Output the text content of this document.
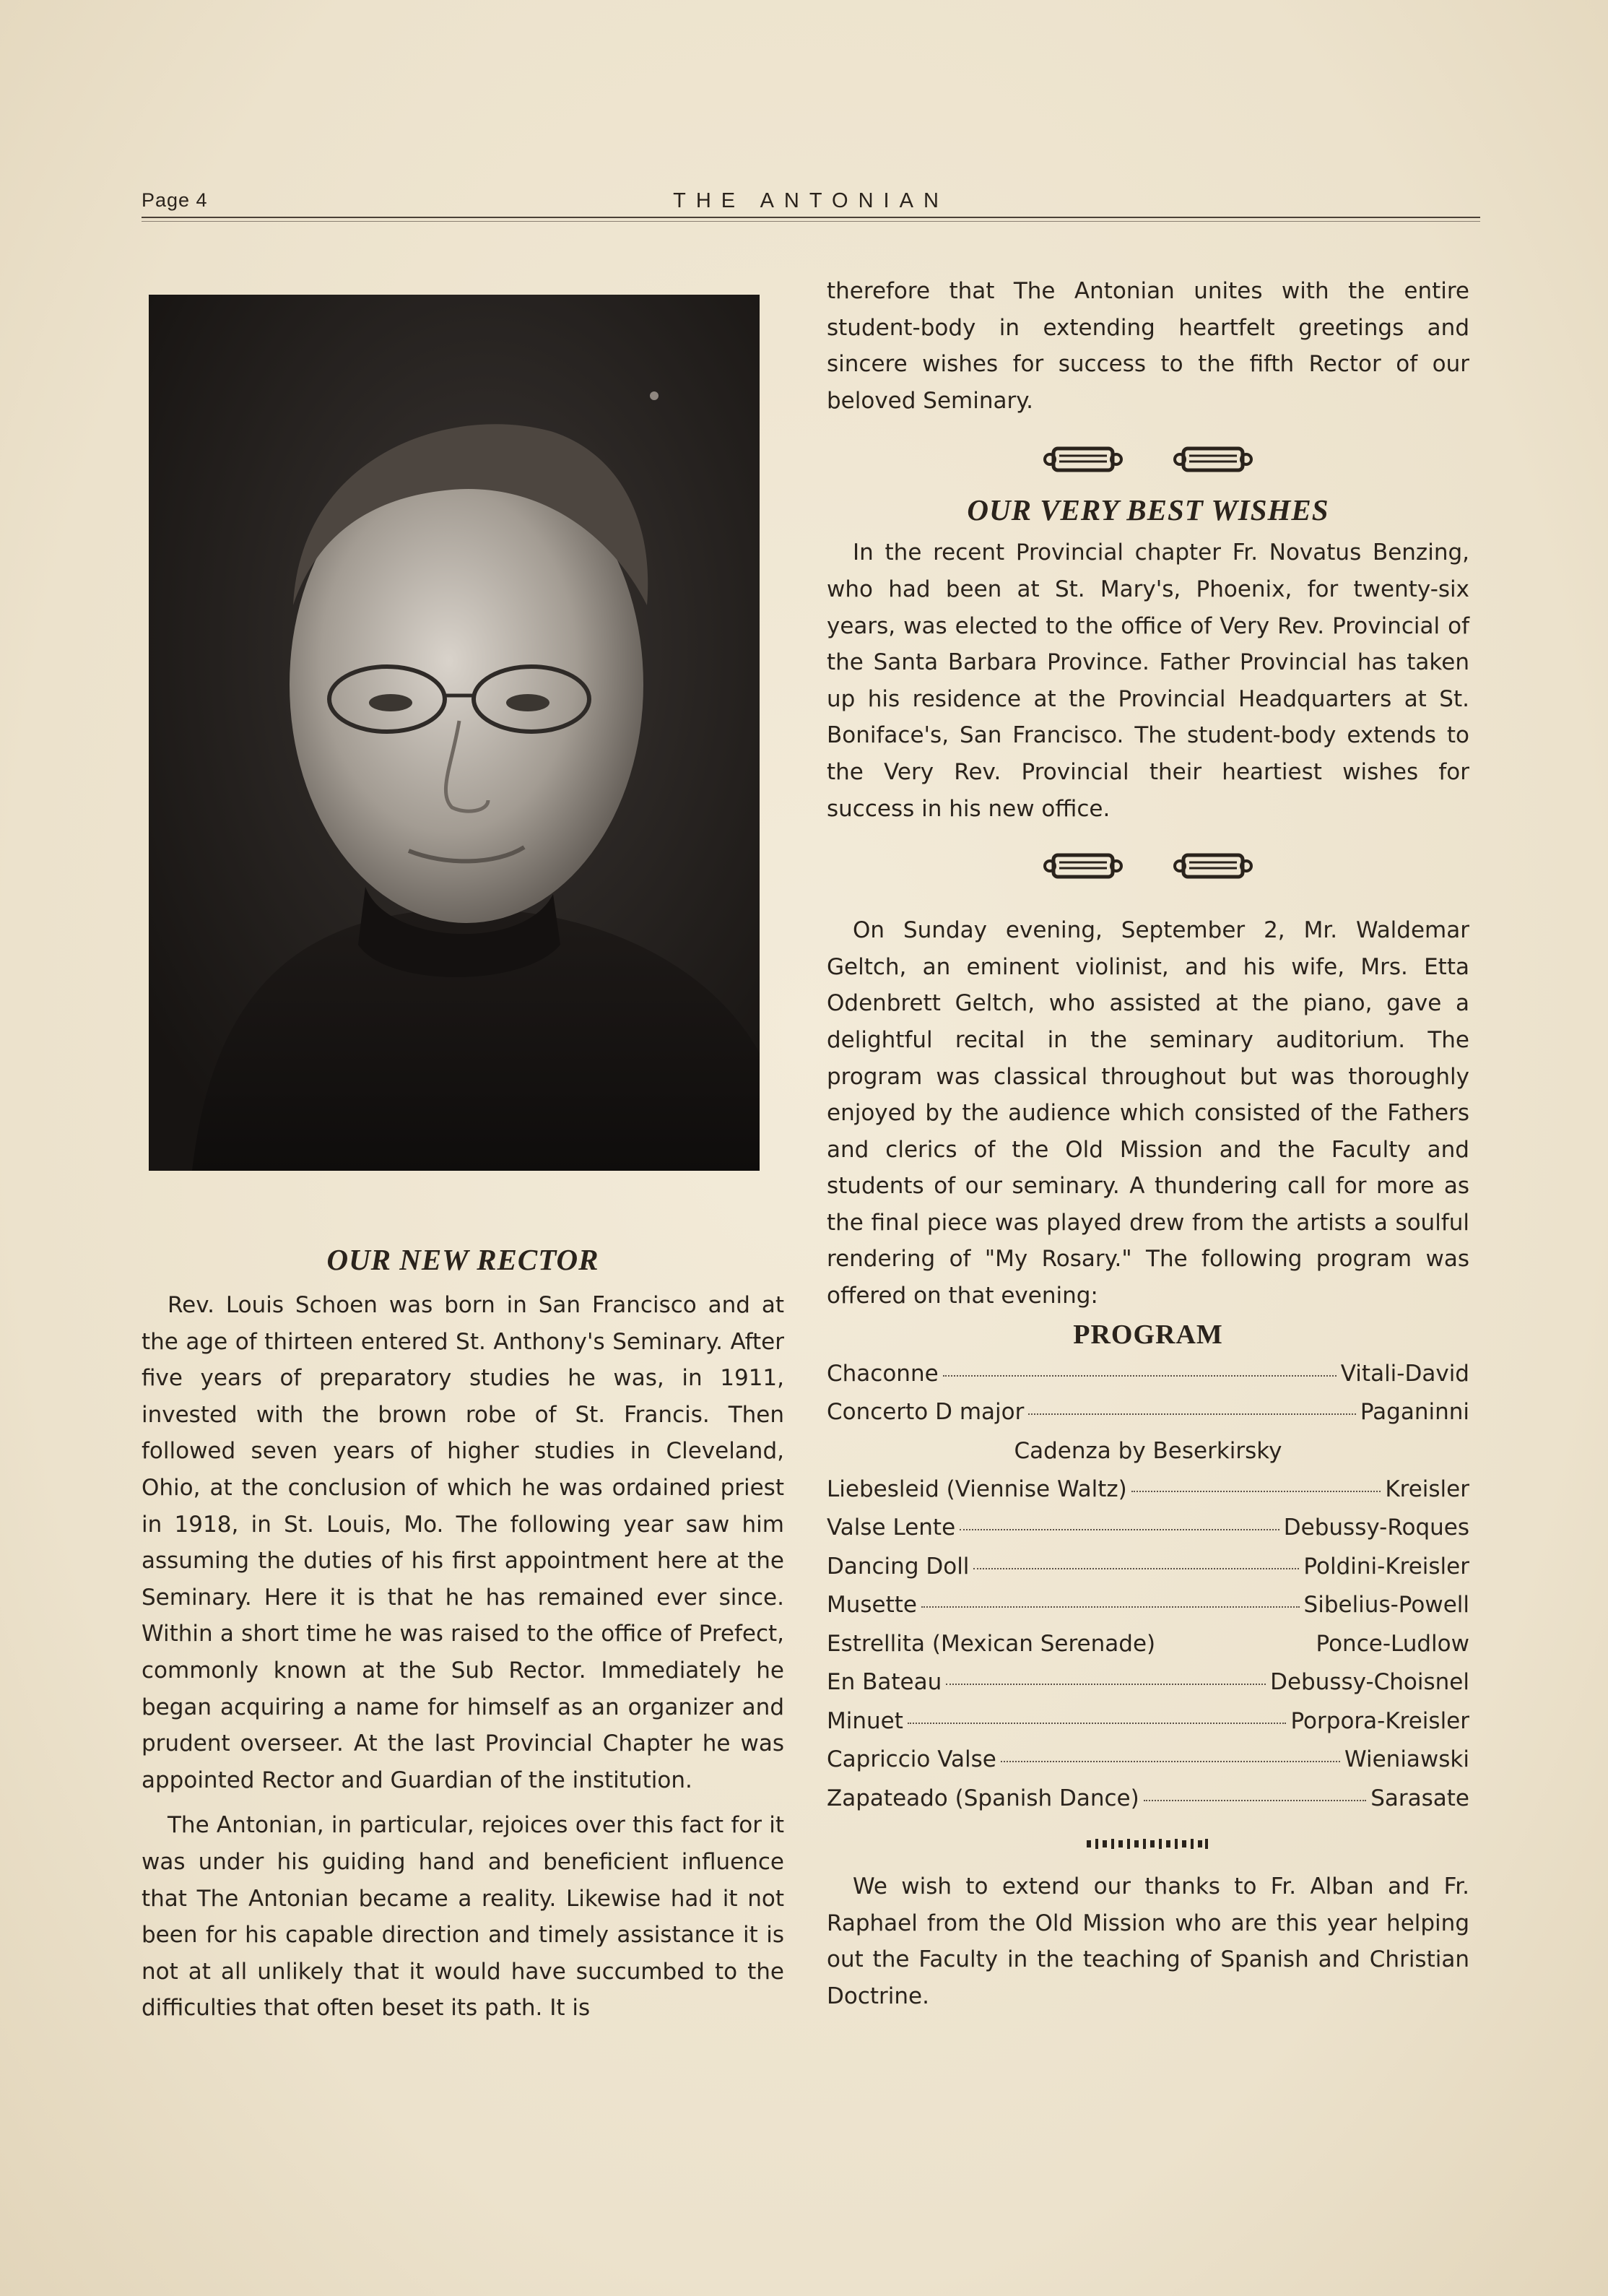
Page 4	THE ANTONIAN
OUR NEW RECTOR

Rev. Louis Schoen was born in San Francisco and at the age of thirteen entered St. Anthony's Seminary. After five years of preparatory studies he was, in 1911, invested with the brown robe of St. Francis. Then followed seven years of higher studies in Cleveland, Ohio, at the conclusion of which he was ordained priest in 1918, in St. Louis, Mo. The following year saw him assuming the duties of his first appointment here at the Seminary. Here it is that he has remained ever since. Within a short time he was raised to the office of Prefect, commonly known at the Sub Rector. Immediately he began acquiring a name for himself as an organizer and prudent overseer. At the last Provincial Chapter he was appointed Rector and Guardian of the institution.

The Antonian, in particular, rejoices over this fact for it was under his guiding hand and beneficient influence that The Antonian became a reality. Likewise had it not been for his capable direction and timely assistance it is not at all unlikely that it would have succumbed to the difficulties that often beset its path. It is

therefore that The Antonian unites with the entire student-body in extending heartfelt greetings and sincere wishes for success to the fifth Rector of our beloved Seminary.

OUR VERY BEST WISHES

In the recent Provincial chapter Fr. Novatus Benzing, who had been at St. Mary's, Phoenix, for twenty-six years, was elected to the office of Very Rev. Provincial of the Santa Barbara Province. Father Provincial has taken up his residence at the Provincial Headquarters at St. Boniface's, San Francisco. The student-body extends to the Very Rev. Provincial their heartiest wishes for success in his new office.

On Sunday evening, September 2, Mr. Waldemar Geltch, an eminent violinist, and his wife, Mrs. Etta Odenbrett Geltch, who assisted at the piano, gave a delightful recital in the seminary auditorium. The program was classical throughout but was thoroughly enjoyed by the audience which consisted of the Fathers and clerics of the Old Mission and the Faculty and students of our seminary. A thundering call for more as the final piece was played drew from the artists a soulful rendering of "My Rosary." The following program was offered on that evening:

PROGRAM
Chaconne	Vitali-David
Concerto D major	Paganinni
Cadenza by Beserkirsky
Liebesleid (Viennise Waltz)	Kreisler
Valse Lente	Debussy-Roques
Dancing Doll	Poldini-Kreisler
Musette	Sibelius-Powell
Estrellita (Mexican Serenade)	Ponce-Ludlow
En Bateau	Debussy-Choisnel
Minuet	Porpora-Kreisler
Capriccio Valse	Wieniawski
Zapateado (Spanish Dance)	Sarasate

We wish to extend our thanks to Fr. Alban and Fr. Raphael from the Old Mission who are this year helping out the Faculty in the teaching of Spanish and Christian Doctrine.
